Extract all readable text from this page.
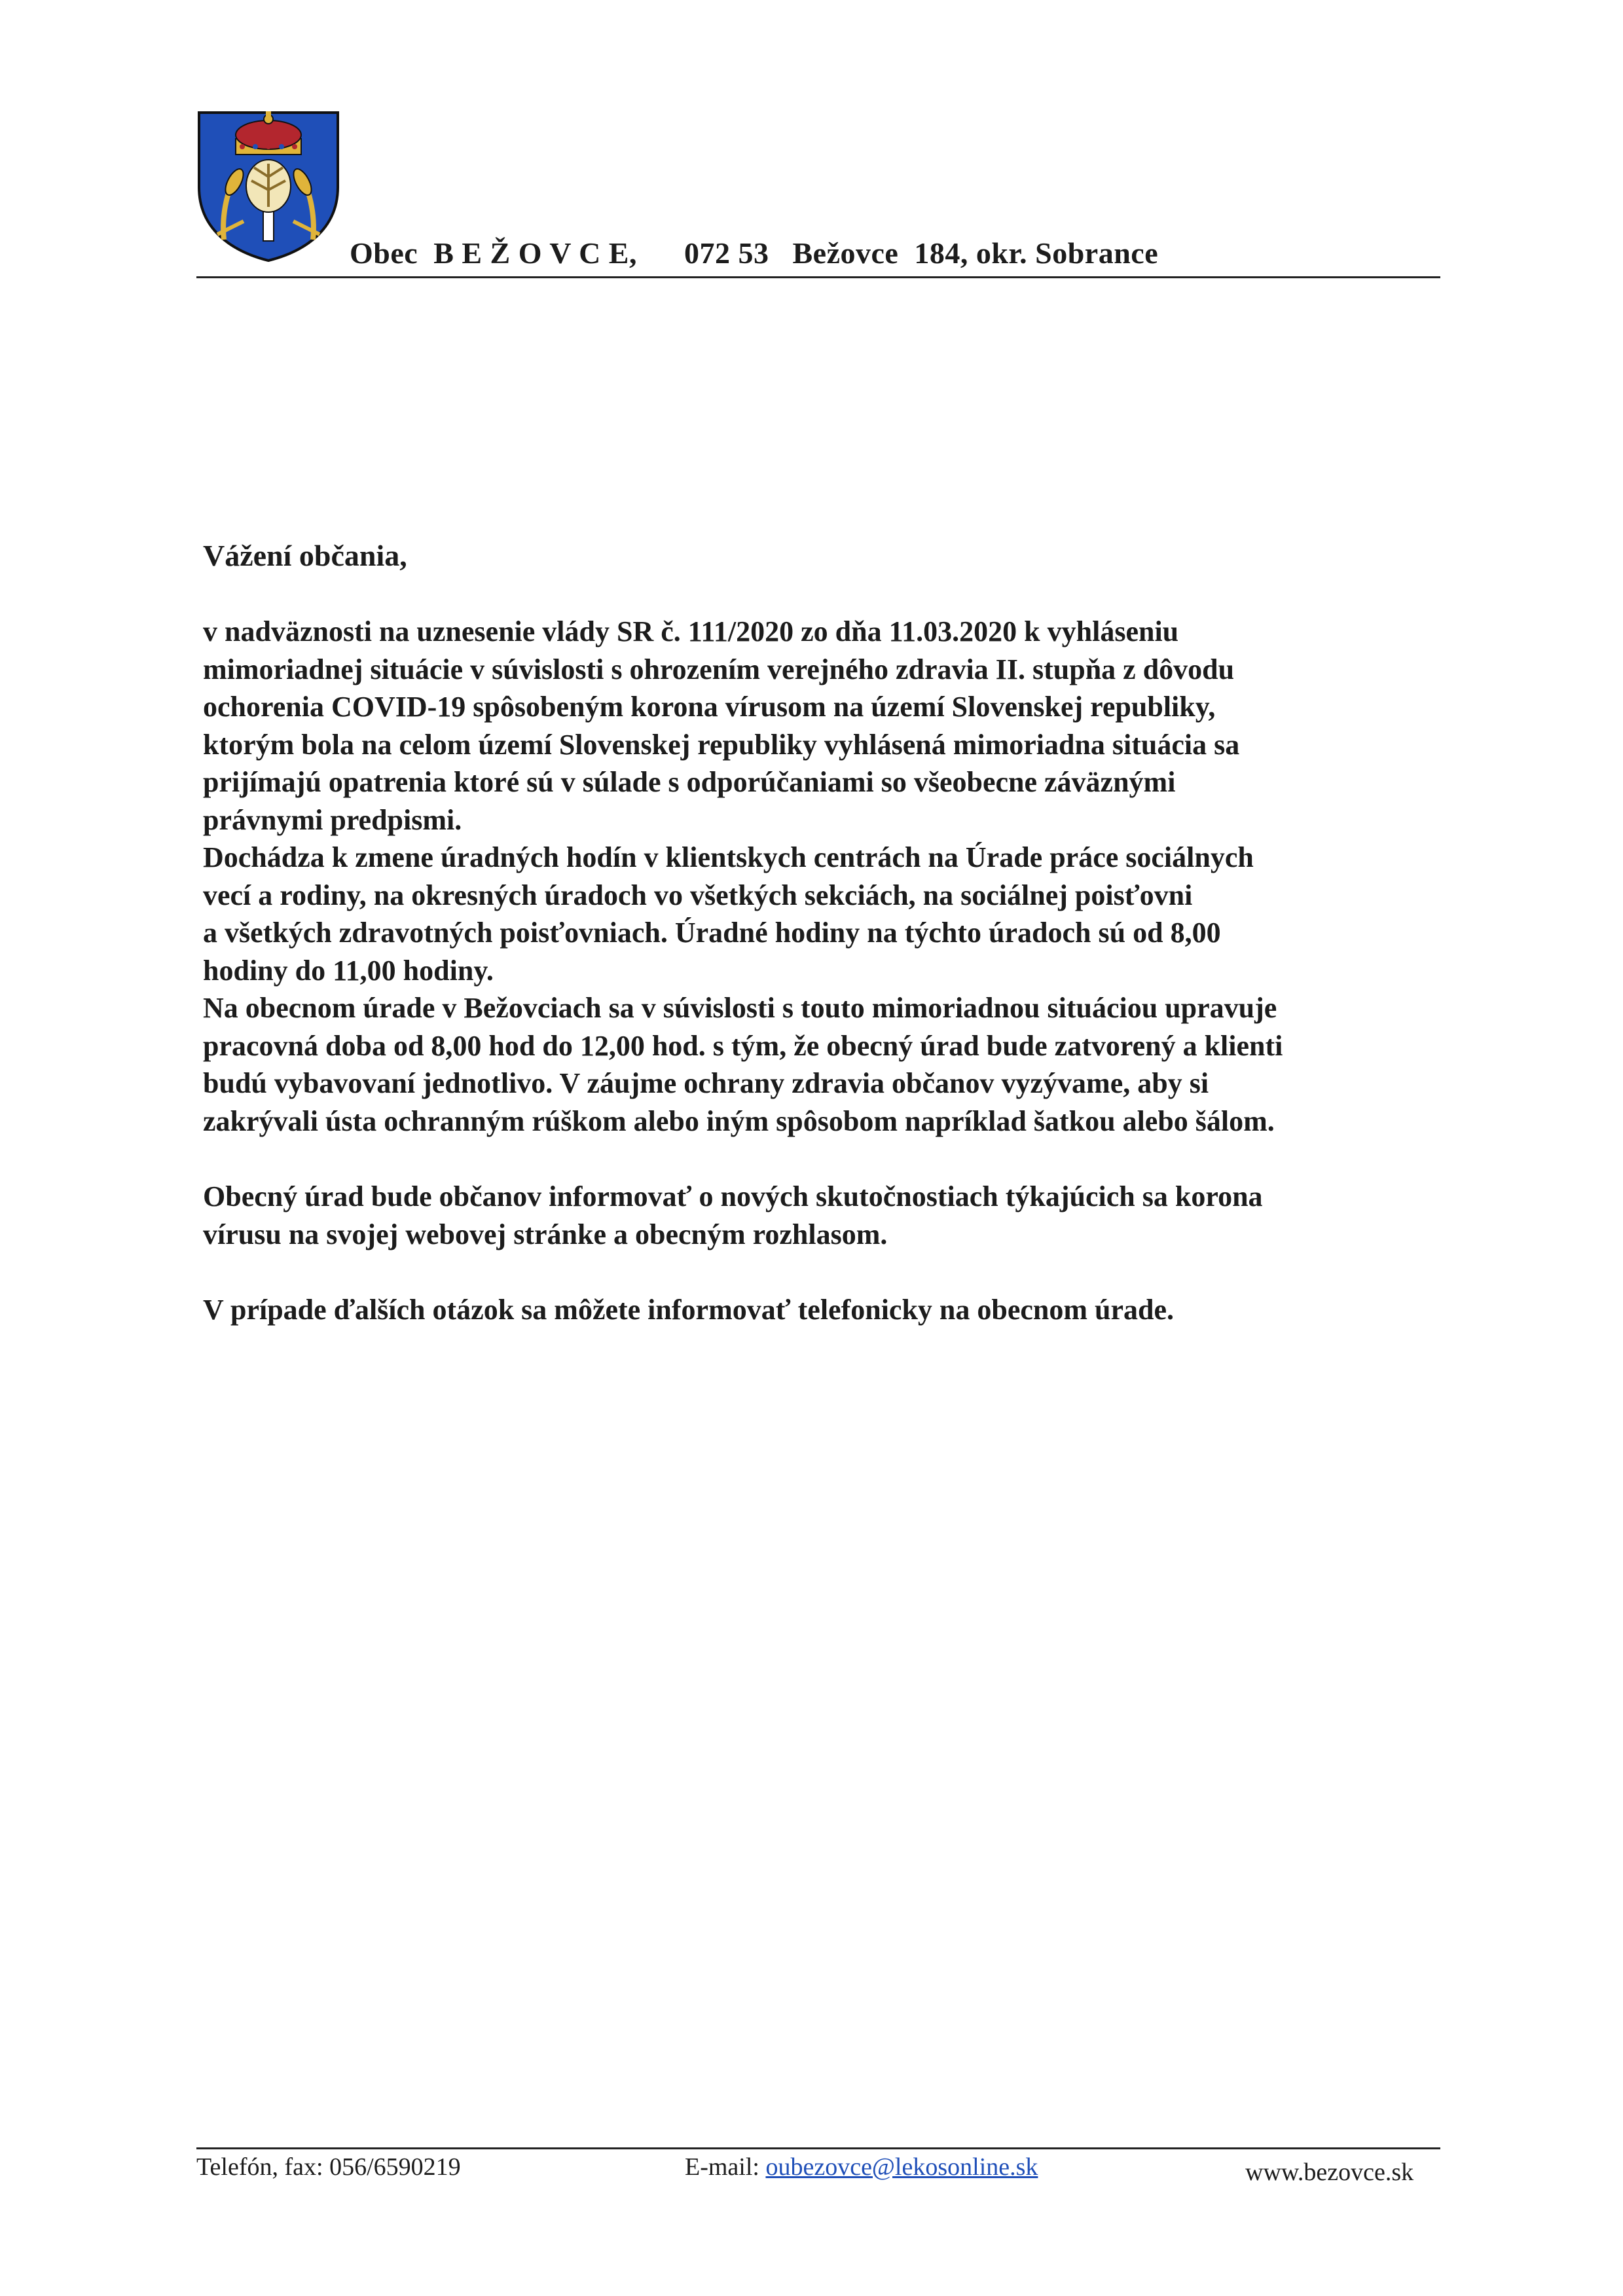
Obec  B E Ž O V C E,      072 53   Bežovce  184, okr. Sobrance

Vážení občania,

v nadväznosti na uznesenie vlády SR č. 111/2020 zo dňa 11.03.2020 k vyhláseniu
mimoriadnej situácie v súvislosti s ohrozením verejného zdravia II. stupňa z dôvodu
ochorenia COVID-19 spôsobeným korona vírusom na území Slovenskej republiky,
ktorým bola na celom území Slovenskej republiky vyhlásená mimoriadna situácia sa
prijímajú opatrenia ktoré sú v súlade s odporúčaniami so všeobecne záväznými
právnymi predpismi.
Dochádza k zmene úradných hodín v klientskych centrách na Úrade práce sociálnych
vecí a rodiny, na okresných úradoch vo všetkých sekciách, na sociálnej poisťovni
a všetkých zdravotných poisťovniach. Úradné hodiny na týchto úradoch sú od 8,00
hodiny do 11,00 hodiny.
Na obecnom úrade v Bežovciach sa v súvislosti s touto mimoriadnou situáciou upravuje
pracovná doba od 8,00 hod do 12,00 hod. s tým, že obecný úrad bude zatvorený a klienti
budú vybavovaní jednotlivo. V záujme ochrany zdravia občanov vyzývame, aby si
zakrývali ústa ochranným rúškom alebo iným spôsobom napríklad šatkou alebo šálom.

Obecný úrad bude občanov informovať o nových skutočnostiach týkajúcich sa korona
vírusu na svojej webovej stránke a obecným rozhlasom.

V prípade ďalších otázok sa môžete informovať telefonicky na obecnom úrade.

Telefón, fax: 056/6590219	E-mail: oubezovce@lekosonline.sk	www.bezovce.sk
